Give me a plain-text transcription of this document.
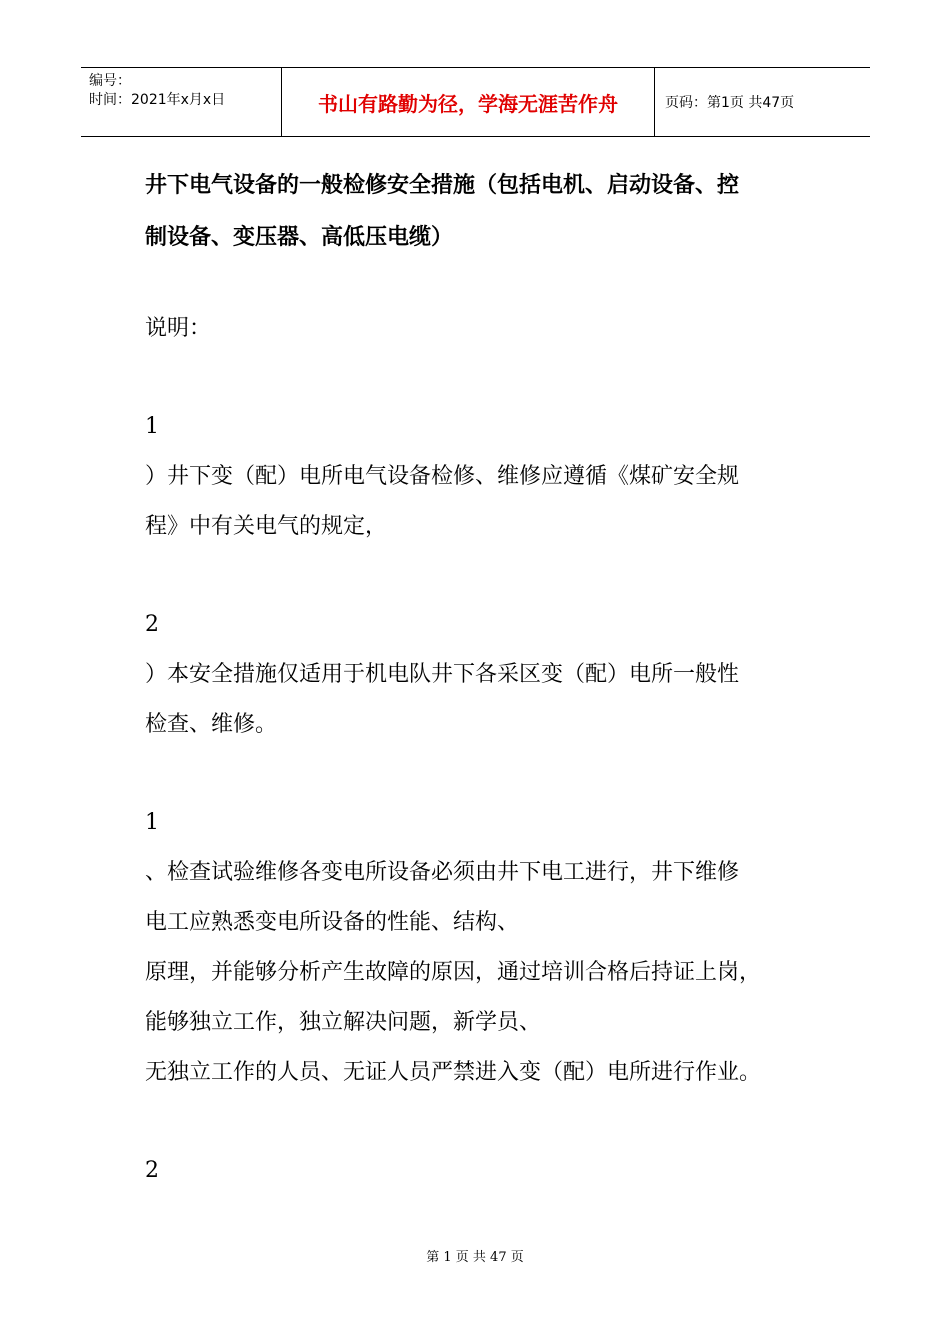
编号：
时间：2021年x月x日	书山有路勤为径，学海无涯苦作舟	页码：第1页 共47页

井下电气设备的一般检修安全措施（包括电机、启动设备、控

制设备、变压器、高低压电缆）

说明：

1

）井下变（配）电所电气设备检修、维修应遵循《煤矿安全规

程》中有关电气的规定，

2

）本安全措施仅适用于机电队井下各采区变（配）电所一般性

检查、维修。

1

、检查试验维修各变电所设备必须由井下电工进行，井下维修

电工应熟悉变电所设备的性能、结构、

原理，并能够分析产生故障的原因，通过培训合格后持证上岗，

能够独立工作，独立解决问题，新学员、

无独立工作的人员、无证人员严禁进入变（配）电所进行作业。

2

第 1 页 共 47 页
